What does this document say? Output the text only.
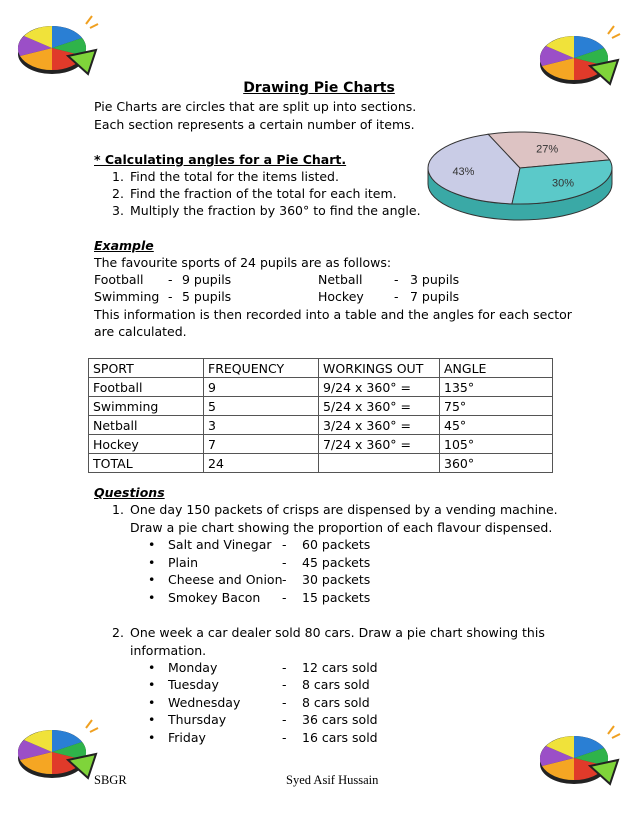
Drawing Pie Charts
Pie Charts are circles that are split up into sections.
Each section represents a certain number of items.
* Calculating angles for a Pie Chart.
1. Find the total for the items listed.
2. Find the fraction of the total for each item.
3. Multiply the fraction by 360° to find the angle.
43%
27%
30%
Example
The favourite sports of 24 pupils are as follows:
Football - 9 pupils	Netball	- 3 pupils
Swimming - 5 pupils	Hockey - 7 pupils
This information is then recorded into a table and the angles for each sector
are calculated.
SPORT	FREQUENCY	WORKINGS OUT	ANGLE
Football	9	9/24 x 360° =	135°
Swimming	5	5/24 x 360° =	75°
Netball	3	3/24 x 360° =	45°
Hockey	7	7/24 x 360° =	105°
TOTAL	24		360°
Questions
1. One day 150 packets of crisps are dispensed by a vending machine.
Draw a pie chart showing the proportion of each flavour dispensed.
• Salt and Vinegar - 60 packets
• Plain	- 45 packets
• Cheese and Onion- 30 packets
• Smokey Bacon - 15 packets
2. One week a car dealer sold 80 cars. Draw a pie chart showing this
information.
• Monday	- 12 cars sold
• Tuesday	- 8 cars sold
• Wednesday	- 8 cars sold
• Thursday	- 36 cars sold
• Friday	- 16 cars sold
SBGR	Syed Asif Hussain
